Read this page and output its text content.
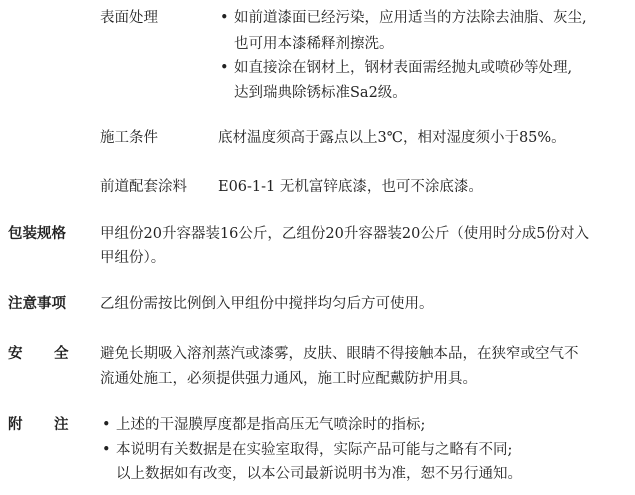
表面处理	• 如前道漆面已经污染，应用适当的方法除去油脂、灰尘,
也可用本漆稀释剂擦洗。
• 如直接涂在钢材上，钢材表面需经抛丸或喷砂等处理,
达到瑞典除锈标准Sa2级。
施工条件	底材温度须高于露点以上3℃，相对湿度须小于85%。
前道配套涂料 E06-1-1 无机富锌底漆，也可不涂底漆。
包装规格 甲组份20升容器装16公斤，乙组份20升容器装20公斤（使用时分成5份对入
甲组份）。
注意事项 乙组份需按比例倒入甲组份中搅拌均匀后方可使用。
安 全 避免长期吸入溶剂蒸汽或漆雾，皮肤、眼睛不得接触本品，在狭窄或空气不
流通处施工，必须提供强力通风，施工时应配戴防护用具。
附 注 • 上述的干湿膜厚度都是指高压无气喷涂时的指标;
• 本说明有关数据是在实验室取得，实际产品可能与之略有不同;
以上数据如有改变，以本公司最新说明书为准，恕不另行通知。
